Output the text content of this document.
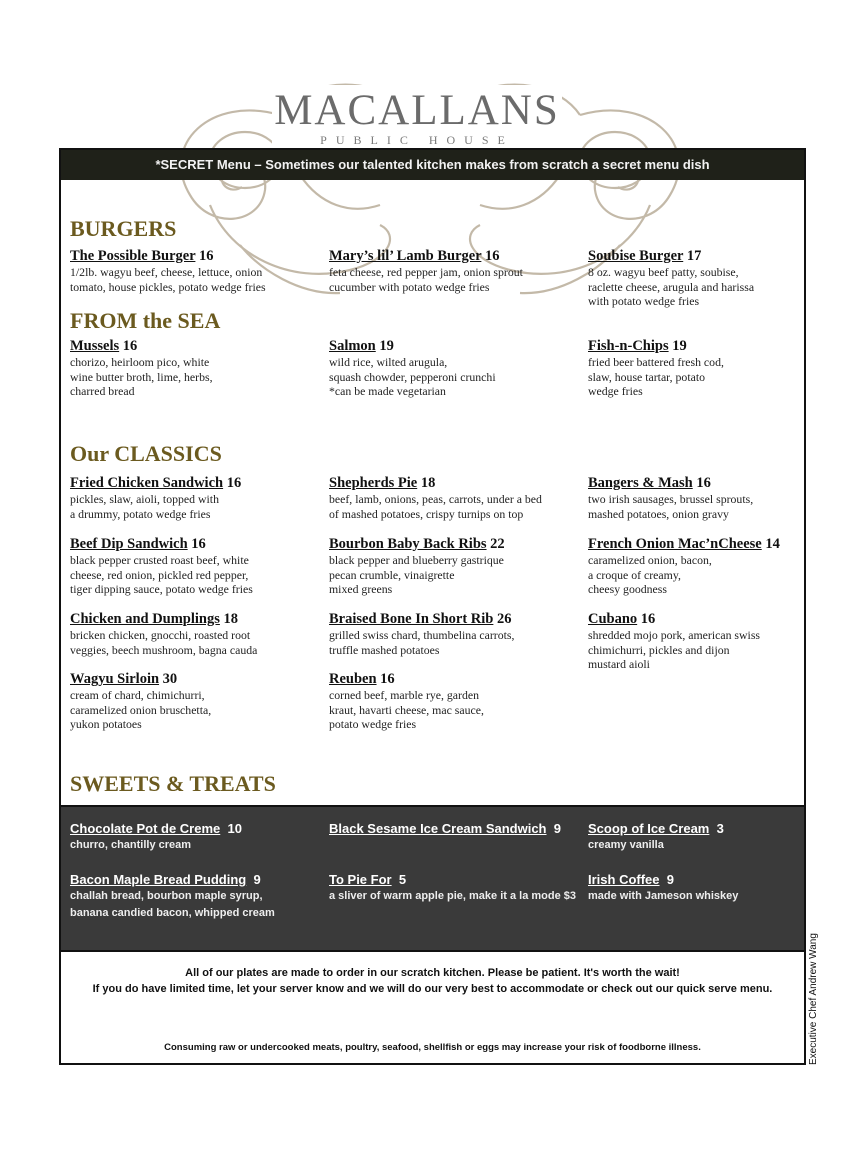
MACALLANS
PUBLIC HOUSE
*SECRET Menu – Sometimes our talented kitchen makes from scratch a secret menu dish
BURGERS
The Possible Burger 16
1/2lb. wagyu beef, cheese, lettuce, onion
tomato, house pickles, potato wedge fries
Mary’s lil’ Lamb Burger 16
feta cheese, red pepper jam, onion sprout
cucumber with potato wedge fries
Soubise Burger 17
8 oz. wagyu beef patty, soubise,
raclette cheese, arugula and harissa
with potato wedge fries
FROM the SEA
Mussels 16
chorizo, heirloom pico, white
wine butter broth, lime, herbs,
charred bread
Salmon 19
wild rice, wilted arugula,
squash chowder, pepperoni crunchi
*can be made vegetarian
Fish-n-Chips 19
fried beer battered fresh cod,
slaw, house tartar, potato
wedge fries
Our CLASSICS
Fried Chicken Sandwich 16
pickles, slaw, aioli, topped with
a drummy, potato wedge fries
Shepherds Pie 18
beef, lamb, onions, peas, carrots, under a bed
of mashed potatoes, crispy turnips on top
Bangers & Mash 16
two irish sausages, brussel sprouts,
mashed potatoes, onion gravy
Beef Dip Sandwich 16
black pepper crusted roast beef, white
cheese, red onion, pickled red pepper,
tiger dipping sauce, potato wedge fries
Bourbon Baby Back Ribs 22
black pepper and blueberry gastrique
pecan crumble, vinaigrette
mixed greens
French Onion Mac’nCheese 14
caramelized onion, bacon,
a croque of creamy,
cheesy goodness
Chicken and Dumplings 18
bricken chicken, gnocchi, roasted root
veggies, beech mushroom, bagna cauda
Braised Bone In Short Rib 26
grilled swiss chard, thumbelina carrots,
truffle mashed potatoes
Cubano 16
shredded mojo pork, american swiss
chimichurri, pickles and dijon
mustard aioli
Wagyu Sirloin 30
cream of chard, chimichurri,
caramelized onion bruschetta,
yukon potatoes
Reuben 16
corned beef, marble rye, garden
kraut, havarti cheese, mac sauce,
potato wedge fries
SWEETS & TREATS
Chocolate Pot de Creme 10
churro, chantilly cream
Black Sesame Ice Cream Sandwich 9	Scoop of Ice Cream 3
creamy vanilla
Bacon Maple Bread Pudding 9
challah bread, bourbon maple syrup,
banana candied bacon, whipped cream
To Pie For 5
a sliver of warm apple pie, make it a la mode $3
Irish Coffee 9
made with Jameson whiskey
All of our plates are made to order in our scratch kitchen. Please be patient. It's worth the wait!
If you do have limited time, let your server know and we will do our very best to accommodate or check out our quick serve menu.
Consuming raw or undercooked meats, poultry, seafood, shellfish or eggs may increase your risk of foodborne illness.	Executive Chef Andrew Wang
